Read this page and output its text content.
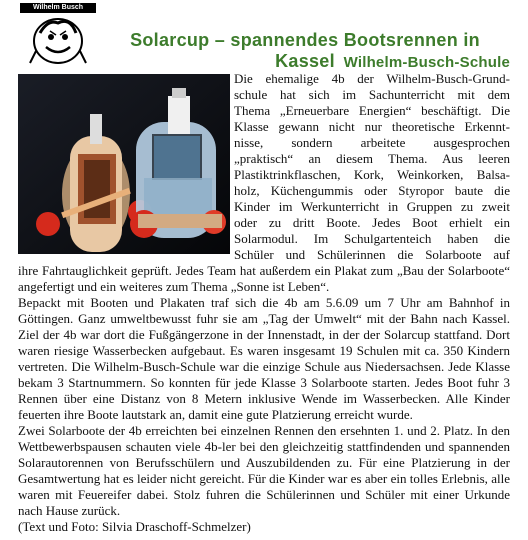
Wilhelm Busch
Solarcup – spannendes Bootsrennen in Kassel Wilhelm-Busch-Schule
Die ehemalige 4b der Wilhelm-Busch-Grund-
schule hat sich im Sachunterricht mit dem
Thema „Erneuerbare Energien“ beschäftigt. Die
Klasse gewann nicht nur theoretische Erkennt-
nisse, sondern arbeitete ausgesprochen
„praktisch“ an diesem Thema. Aus leeren
Plastiktrinkflaschen, Kork, Weinkorken, Balsa-
holz, Küchengummis oder Styropor baute die
Kinder im Werkunterricht in Gruppen zu zweit
oder zu dritt Boote. Jedes Boot erhielt ein
Solarmodul. Im Schulgartenteich haben die
Schüler und Schülerinnen die Solarboote auf

ihre Fahrtauglichkeit geprüft. Jedes Team hat außerdem ein Plakat zum „Bau der Solarboote“ angefertigt und ein weiteres zum Thema „Sonne ist Leben“.

Bepackt mit Booten und Plakaten traf sich die 4b am 5.6.09 um 7 Uhr am Bahnhof in Göttingen. Ganz umweltbewusst fuhr sie am „Tag der Umwelt“ mit der Bahn nach Kassel. Ziel der 4b war dort die Fußgängerzone in der Innenstadt, in der der Solarcup stattfand. Dort waren riesige Wasserbecken aufgebaut. Es waren insgesamt 19 Schulen mit ca. 350 Kindern vertreten. Die Wilhelm-Busch-Schule war die einzige Schule aus Niedersachsen. Jede Klasse bekam 3 Startnummern. So konnten für jede Klasse 3 Solarboote starten. Jedes Boot fuhr 3 Rennen über eine Distanz von 8 Metern inklusive Wende im Wasserbecken. Alle Kinder feuerten ihre Boote lautstark an, damit eine gute Platzierung erreicht wurde.

Zwei Solarboote der 4b erreichten bei einzelnen Rennen den ersehnten 1. und 2. Platz. In den Wettbewerbspausen schauten viele 4b-ler bei den gleichzeitig stattfindenden und spannenden Solarautorennen von Berufsschülern und Auszubildenden zu. Für eine Platzierung in der Gesamtwertung hat es leider nicht gereicht. Für die Kinder war es aber ein tolles Erlebnis, alle waren mit Feuereifer dabei. Stolz fuhren die Schülerinnen und Schüler mit einer Urkunde nach Hause zurück.

(Text und Foto: Silvia Draschoff-Schmelzer)
